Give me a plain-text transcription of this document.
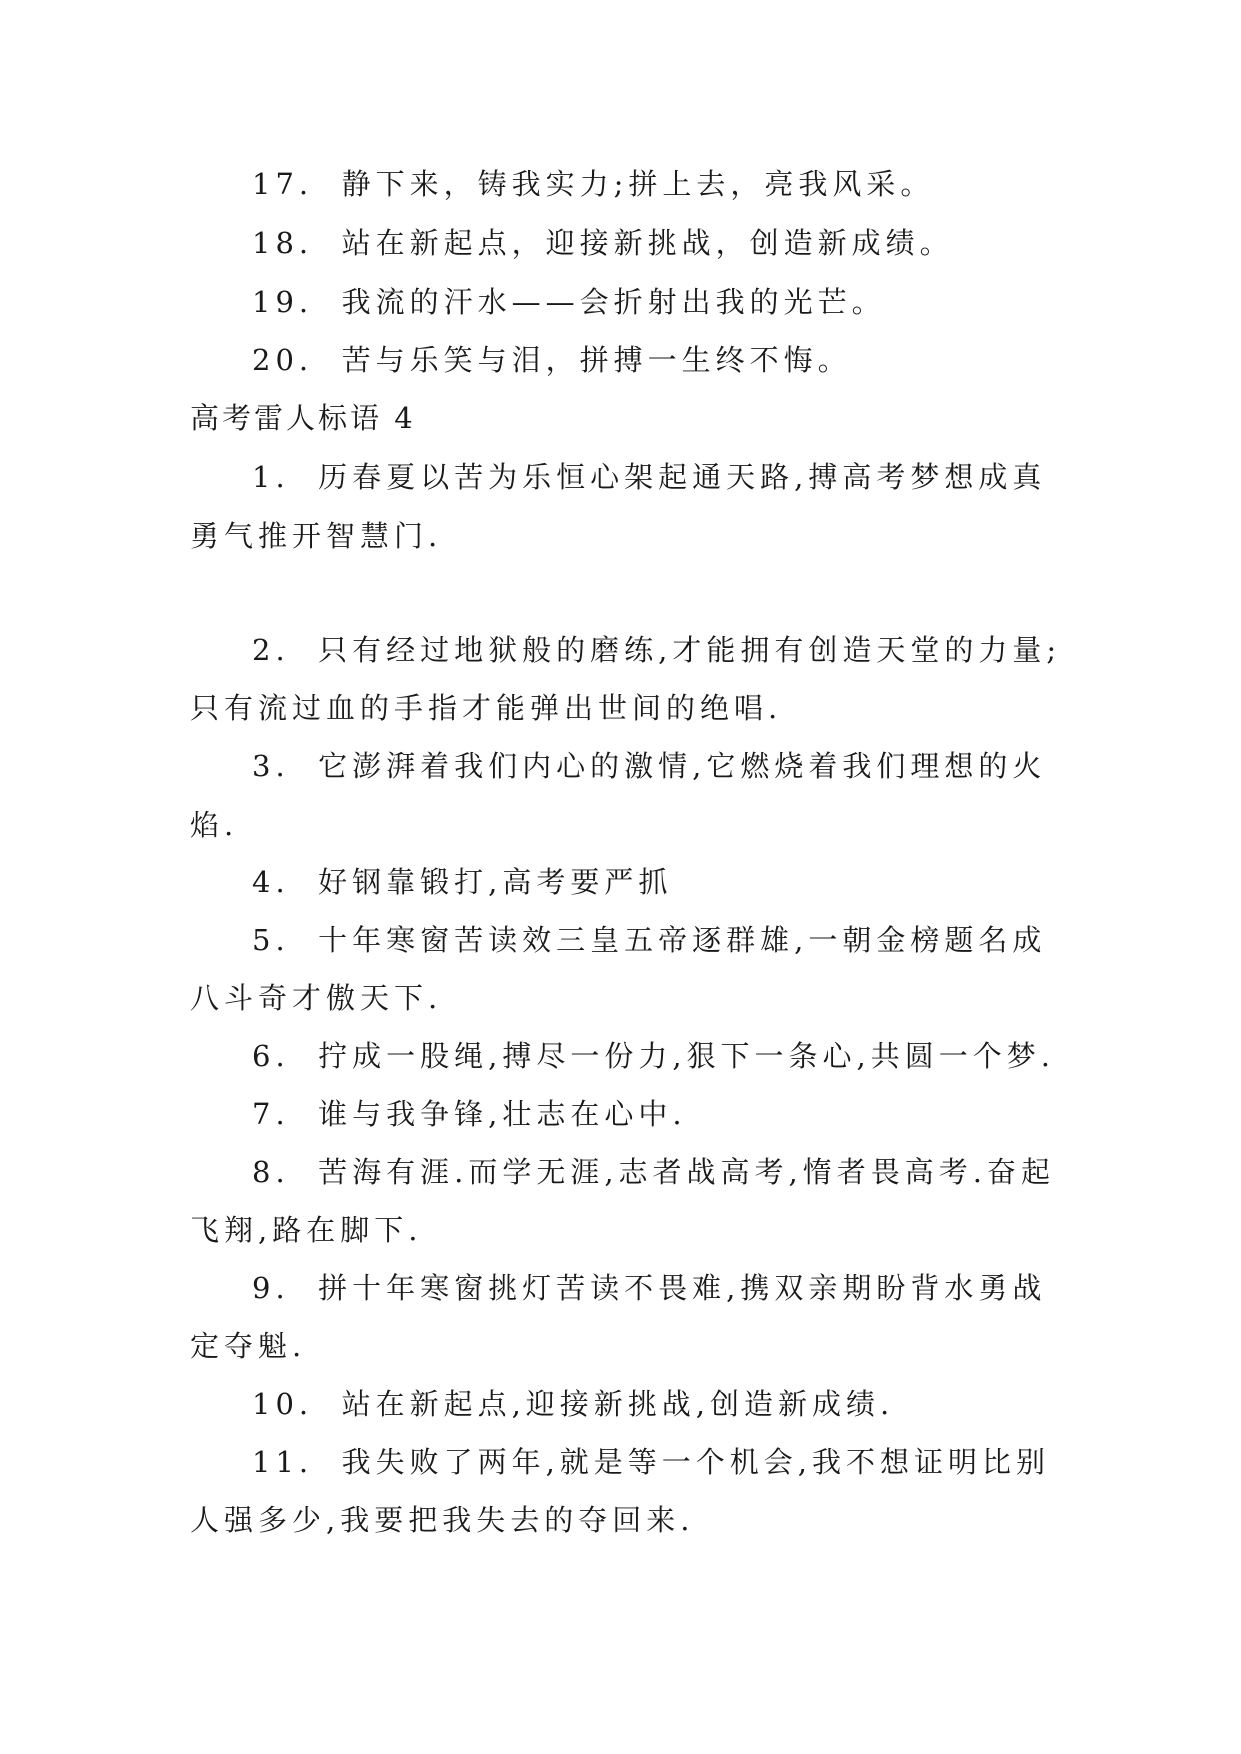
17. 静下来，铸我实力;拼上去，亮我风采。
18. 站在新起点，迎接新挑战，创造新成绩。
19. 我流的汗水——会折射出我的光芒。
20. 苦与乐笑与泪，拼搏一生终不悔。
高考雷人标语 4
1. 历春夏以苦为乐恒心架起通天路,搏高考梦想成真
勇气推开智慧门.
2. 只有经过地狱般的磨练,才能拥有创造天堂的力量;
只有流过血的手指才能弹出世间的绝唱.
3. 它澎湃着我们内心的激情,它燃烧着我们理想的火
焰.
4. 好钢靠锻打,高考要严抓
5. 十年寒窗苦读效三皇五帝逐群雄,一朝金榜题名成
八斗奇才傲天下.
6. 拧成一股绳,搏尽一份力,狠下一条心,共圆一个梦.
7. 谁与我争锋,壮志在心中.
8. 苦海有涯.而学无涯,志者战高考,惰者畏高考.奋起
飞翔,路在脚下.
9. 拼十年寒窗挑灯苦读不畏难,携双亲期盼背水勇战
定夺魁.
10. 站在新起点,迎接新挑战,创造新成绩.
11. 我失败了两年,就是等一个机会,我不想证明比别
人强多少,我要把我失去的夺回来.
